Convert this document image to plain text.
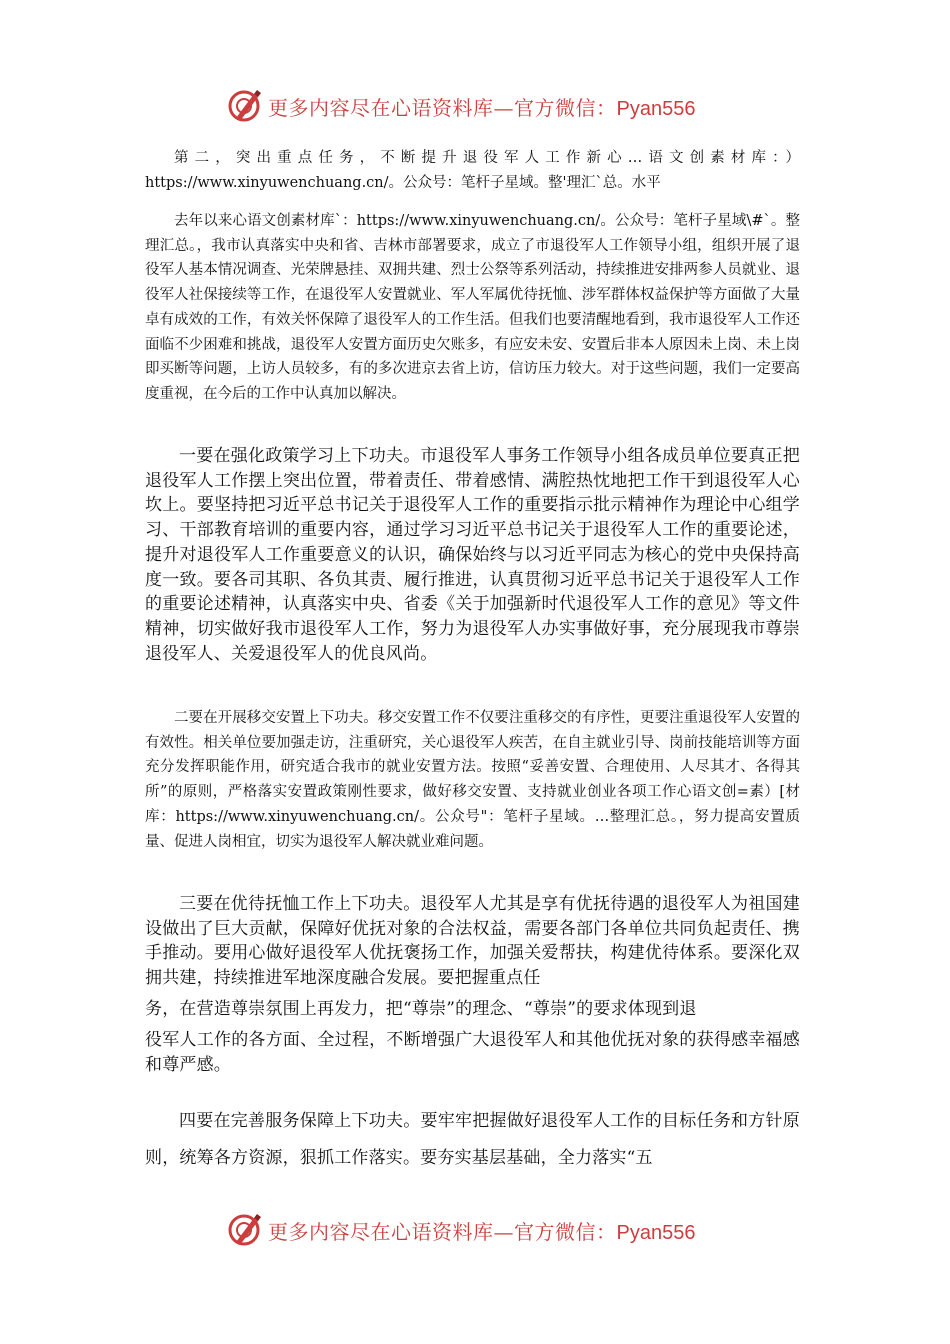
更多内容尽在心语资料库—官方微信：Pyan556

第二，突出重点任务，不断提升退役军人工作新心…语文创素材库：）https://www.xinyuwenchuang.cn/。公众号：笔杆子星域。整'理汇`总。水平

去年以来心语文创素材库`：https://www.xinyuwenchuang.cn/。公众号：笔杆子星域\#`。整理汇总。，我市认真落实中央和省、吉林市部署要求，成立了市退役军人工作领导小组，组织开展了退役军人基本情况调查、光荣牌悬挂、双拥共建、烈士公祭等系列活动，持续推进安排两参人员就业、退役军人社保接续等工作，在退役军人安置就业、军人军属优待抚恤、涉军群体权益保护等方面做了大量卓有成效的工作，有效关怀保障了退役军人的工作生活。但我们也要清醒地看到，我市退役军人工作还面临不少困难和挑战，退役军人安置方面历史欠账多，有应安未安、安置后非本人原因未上岗、未上岗即买断等问题，上访人员较多，有的多次进京去省上访，信访压力较大。对于这些问题，我们一定要高度重视，在今后的工作中认真加以解决。

一要在强化政策学习上下功夫。市退役军人事务工作领导小组各成员单位要真正把退役军人工作摆上突出位置，带着责任、带着感情、满腔热忱地把工作干到退役军人心坎上。要坚持把习近平总书记关于退役军人工作的重要指示批示精神作为理论中心组学习、干部教育培训的重要内容，通过学习习近平总书记关于退役军人工作的重要论述，提升对退役军人工作重要意义的认识，确保始终与以习近平同志为核心的党中央保持高度一致。要各司其职、各负其责、履行推进，认真贯彻习近平总书记关于退役军人工作的重要论述精神，认真落实中央、省委《关于加强新时代退役军人工作的意见》等文件精神，切实做好我市退役军人工作，努力为退役军人办实事做好事，充分展现我市尊崇退役军人、关爱退役军人的优良风尚。

二要在开展移交安置上下功夫。移交安置工作不仅要注重移交的有序性，更要注重退役军人安置的有效性。相关单位要加强走访，注重研究，关心退役军人疾苦，在自主就业引导、岗前技能培训等方面充分发挥职能作用，研究适合我市的就业安置方法。按照“妥善安置、合理使用、人尽其才、各得其所”的原则，严格落实安置政策刚性要求，做好移交安置、支持就业创业各项工作心语文创=素）[材库：https://www.xinyuwenchuang.cn/。公众号"：笔杆子星域。…整理汇总。，努力提高安置质量、促进人岗相宜，切实为退役军人解决就业难问题。

三要在优待抚恤工作上下功夫。退役军人尤其是享有优抚待遇的退役军人为祖国建设做出了巨大贡献，保障好优抚对象的合法权益，需要各部门各单位共同负起责任、携手推动。要用心做好退役军人优抚褒扬工作，加强关爱帮扶，构建优待体系。要深化双拥共建，持续推进军地深度融合发展。要把握重点任
务，在营造尊崇氛围上再发力，把“尊崇”的理念、“尊崇”的要求体现到退
役军人工作的各方面、全过程，不断增强广大退役军人和其他优抚对象的获得感幸福感和尊严感。

四要在完善服务保障上下功夫。要牢牢把握做好退役军人工作的目标任务和方针原则，统筹各方资源，狠抓工作落实。要夯实基层基础，全力落实“五

更多内容尽在心语资料库—官方微信：Pyan556
